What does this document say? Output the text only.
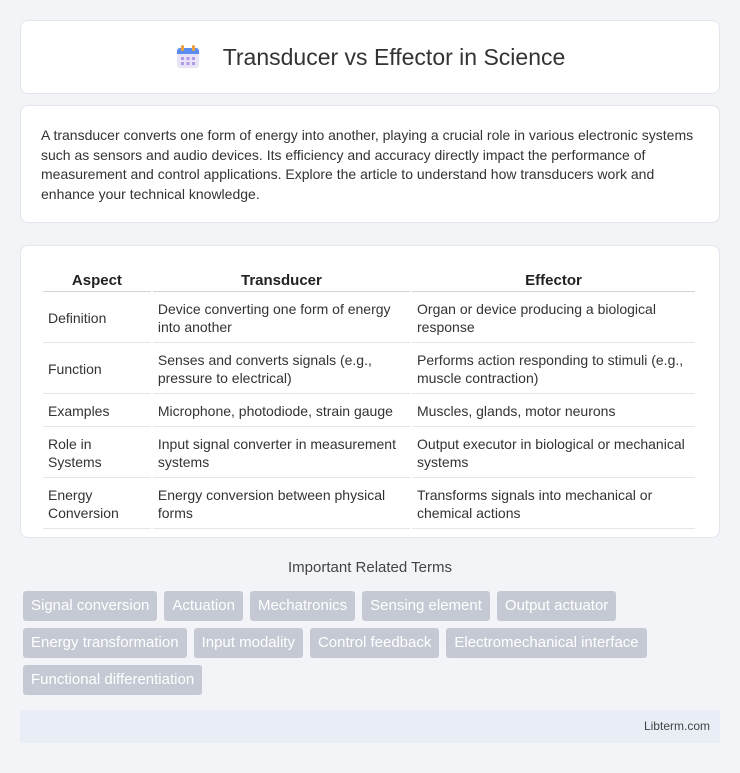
Transducer vs Effector in Science

A transducer converts one form of energy into another, playing a crucial role in various electronic systems such as sensors and audio devices. Its efficiency and accuracy directly impact the performance of measurement and control applications. Explore the article to understand how transducers work and enhance your technical knowledge.

Aspect	Transducer	Effector
Definition	Device converting one form of energy into another	Organ or device producing a biological response
Function	Senses and converts signals (e.g., pressure to electrical)	Performs action responding to stimuli (e.g., muscle contraction)
Examples	Microphone, photodiode, strain gauge	Muscles, glands, motor neurons
Role in Systems	Input signal converter in measurement systems	Output executor in biological or mechanical systems
Energy Conversion	Energy conversion between physical forms	Transforms signals into mechanical or chemical actions
Important Related Terms
Signal conversion	Actuation	Mechatronics	Sensing element	Output actuator
Energy transformation	Input modality	Control feedback	Electromechanical interface
Functional differentiation
Libterm.com
